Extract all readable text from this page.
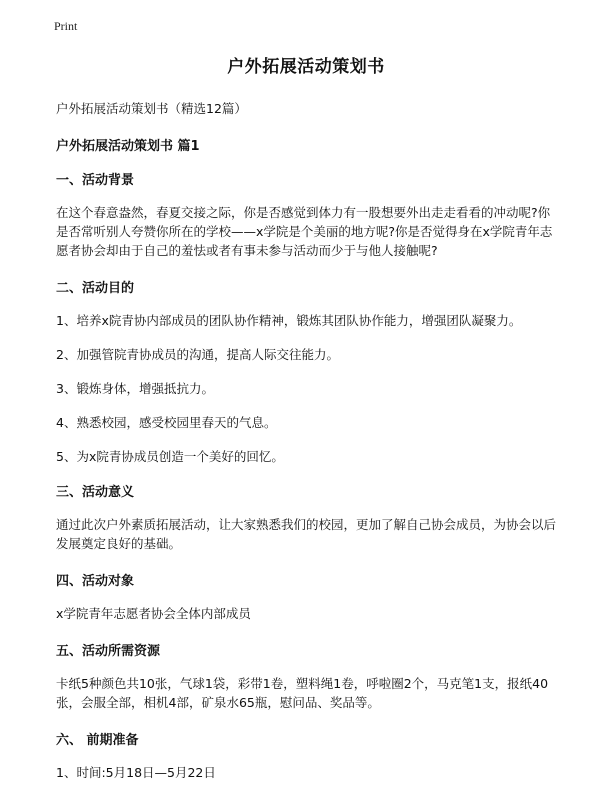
Print
户外拓展活动策划书
户外拓展活动策划书（精选12篇）
户外拓展活动策划书 篇1
一、活动背景
在这个春意盎然，春夏交接之际，你是否感觉到体力有一股想要外出走走看看的冲动呢?你是否常听别人夸赞你所在的学校——x学院是个美丽的地方呢?你是否觉得身在x学院青年志愿者协会却由于自己的羞怯或者有事未参与活动而少于与他人接触呢?
二、活动目的
1、培养x院青协内部成员的团队协作精神，锻炼其团队协作能力，增强团队凝聚力。
2、加强管院青协成员的沟通，提高人际交往能力。
3、锻炼身体，增强抵抗力。
4、熟悉校园，感受校园里春天的气息。
5、为x院青协成员创造一个美好的回忆。
三、活动意义
通过此次户外素质拓展活动，让大家熟悉我们的校园，更加了解自己协会成员，为协会以后发展奠定良好的基础。
四、活动对象
x学院青年志愿者协会全体内部成员
五、活动所需资源
卡纸5种颜色共10张，气球1袋，彩带1卷，塑料绳1卷，呼啦圈2个，马克笔1支，报纸40张，会服全部，相机4部，矿泉水65瓶，慰问品、奖品等。
六、 前期准备
1、时间:5月18日—5月22日
